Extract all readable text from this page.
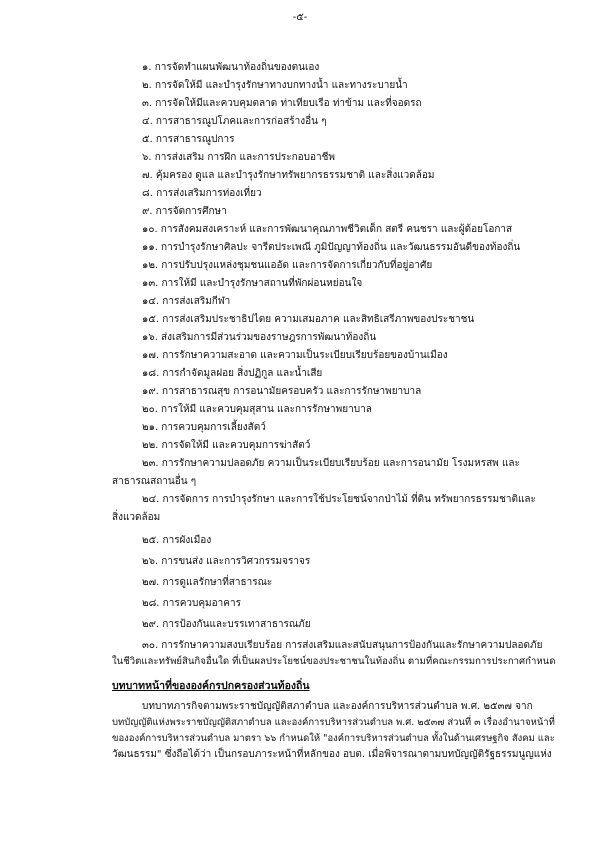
-๕-
๑. การจัดทำแผนพัฒนาท้องถิ่นของตนเอง
๒. การจัดให้มี และบำรุงรักษาทางบกทางน้ำ และทางระบายน้ำ
๓. การจัดให้มีและควบคุมตลาด ท่าเทียบเรือ ท่าข้าม และที่จอดรถ
๔. การสาธารณูปโภคและการก่อสร้างอื่น ๆ
๕. การสาธารณูปการ
๖. การส่งเสริม การฝึก และการประกอบอาชีพ
๗. คุ้มครอง ดูแล และบำรุงรักษาทรัพยากรธรรมชาติ และสิ่งแวดล้อม
๘. การส่งเสริมการท่องเที่ยว
๙. การจัดการศึกษา
๑๐. การสังคมสงเคราะห์ และการพัฒนาคุณภาพชีวิตเด็ก สตรี คนชรา และผู้ด้อยโอกาส
๑๑. การบำรุงรักษาศิลปะ จารีตประเพณี ภูมิปัญญาท้องถิ่น และวัฒนธรรมอันดีของท้องถิ่น
๑๒. การปรับปรุงแหล่งชุมชนแออัด และการจัดการเกี่ยวกับที่อยู่อาศัย
๑๓. การให้มี และบำรุงรักษาสถานที่พักผ่อนหย่อนใจ
๑๔. การส่งเสริมกีฬา
๑๕. การส่งเสริมประชาธิปไตย ความเสมอภาค และสิทธิเสรีภาพของประชาชน
๑๖. ส่งเสริมการมีส่วนร่วมของราษฎรการพัฒนาท้องถิ่น
๑๗. การรักษาความสะอาด และความเป็นระเบียบเรียบร้อยของบ้านเมือง
๑๘. การกำจัดมูลฝอย สิ่งปฏิกูล และน้ำเสีย
๑๙. การสาธารณสุข การอนามัยครอบครัว และการรักษาพยาบาล
๒๐. การให้มี และควบคุมสุสาน และการรักษาพยาบาล
๒๑. การควบคุมการเลี้ยงสัตว์
๒๒. การจัดให้มี และควบคุมการฆ่าสัตว์
๒๓. การรักษาความปลอดภัย ความเป็นระเบียบเรียบร้อย และการอนามัย โรงมหรสพ และ
สาธารณสถานอื่น ๆ
๒๔. การจัดการ การบำรุงรักษา และการใช้ประโยชน์จากป่าไม้ ที่ดิน ทรัพยากรธรรมชาติและ
สิ่งแวดล้อม
๒๕. การผังเมือง
๒๖. การขนส่ง และการวิศวกรรมจราจร
๒๗. การดูแลรักษาที่สาธารณะ
๒๘. การควบคุมอาคาร
๒๙. การป้องกันและบรรเทาสาธารณภัย
๓๐. การรักษาความสงบเรียบร้อย การส่งเสริมและสนับสนุนการป้องกันและรักษาความปลอดภัย
ในชีวิตและทรัพย์สินกิจอื่นใด ที่เป็นผลประโยชน์ของประชาชนในท้องถิ่น ตามที่คณะกรรมการประกาศกำหนด
บทบาทหน้าที่ขององค์กรปกครองส่วนท้องถิ่น
บทบาทภารกิจตามพระราชบัญญัติสภาตำบล และองค์การบริหารส่วนตำบล พ.ศ. ๒๕๓๗ จาก
บทบัญญัติแห่งพระราชบัญญัติสภาตำบล และองค์การบริหารส่วนตำบล พ.ศ. ๒๕๓๗ ส่วนที่ ๓ เรื่องอำนาจหน้าที่
ขององค์การบริหารส่วนตำบล มาตรา ๖๖ กำหนดให้ "องค์การบริหารส่วนตำบล ทั้งในด้านเศรษฐกิจ สังคม และ
วัฒนธรรม" ซึ่งถือได้ว่า เป็นกรอบภาระหน้าที่หลักของ อบต. เมื่อพิจารณาตามบทบัญญัติรัฐธรรมนูญแห่ง
